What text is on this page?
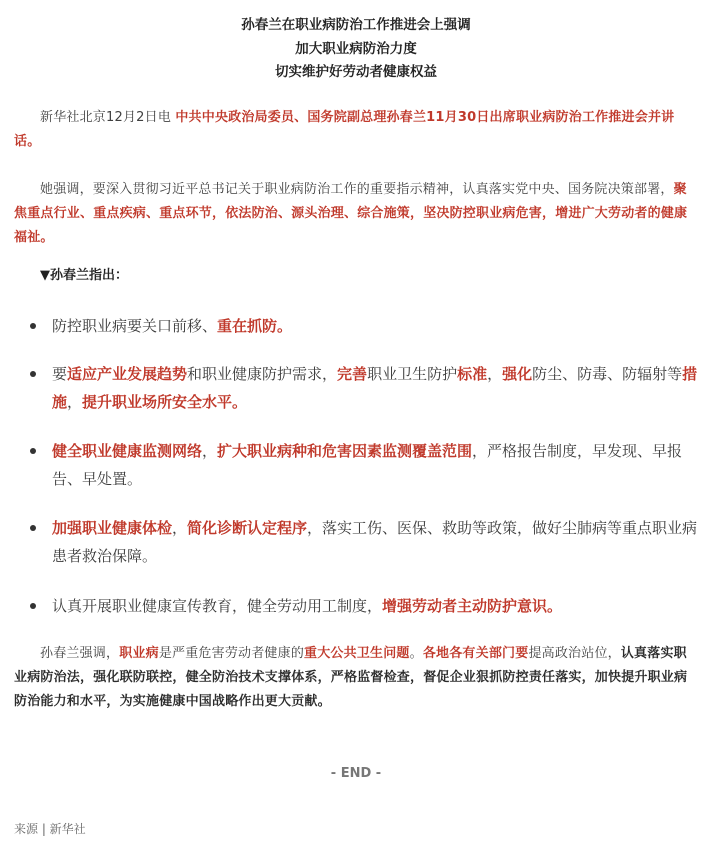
孙春兰在职业病防治工作推进会上强调
加大职业病防治力度
切实维护好劳动者健康权益
新华社北京12月2日电 中共中央政治局委员、国务院副总理孙春兰11月30日出席职业病防治工作推进会并讲话。
她强调，要深入贯彻习近平总书记关于职业病防治工作的重要指示精神，认真落实党中央、国务院决策部署，聚焦重点行业、重点疾病、重点环节，依法防治、源头治理、综合施策，坚决防控职业病危害，增进广大劳动者的健康福祉。
▼孙春兰指出：
防控职业病要关口前移、重在抓防。
要适应产业发展趋势和职业健康防护需求，完善职业卫生防护标准，强化防尘、防毒、防辐射等措施，提升职业场所安全水平。
健全职业健康监测网络，扩大职业病种和危害因素监测覆盖范围，严格报告制度，早发现、早报告、早处置。
加强职业健康体检，简化诊断认定程序，落实工伤、医保、救助等政策，做好尘肺病等重点职业病患者救治保障。
认真开展职业健康宣传教育，健全劳动用工制度，增强劳动者主动防护意识。
孙春兰强调，职业病是严重危害劳动者健康的重大公共卫生问题。各地各有关部门要提高政治站位，认真落实职业病防治法，强化联防联控，健全防治技术支撑体系，严格监督检查，督促企业狠抓防控责任落实，加快提升职业病防治能力和水平，为实施健康中国战略作出更大贡献。
- END -
来源 | 新华社
